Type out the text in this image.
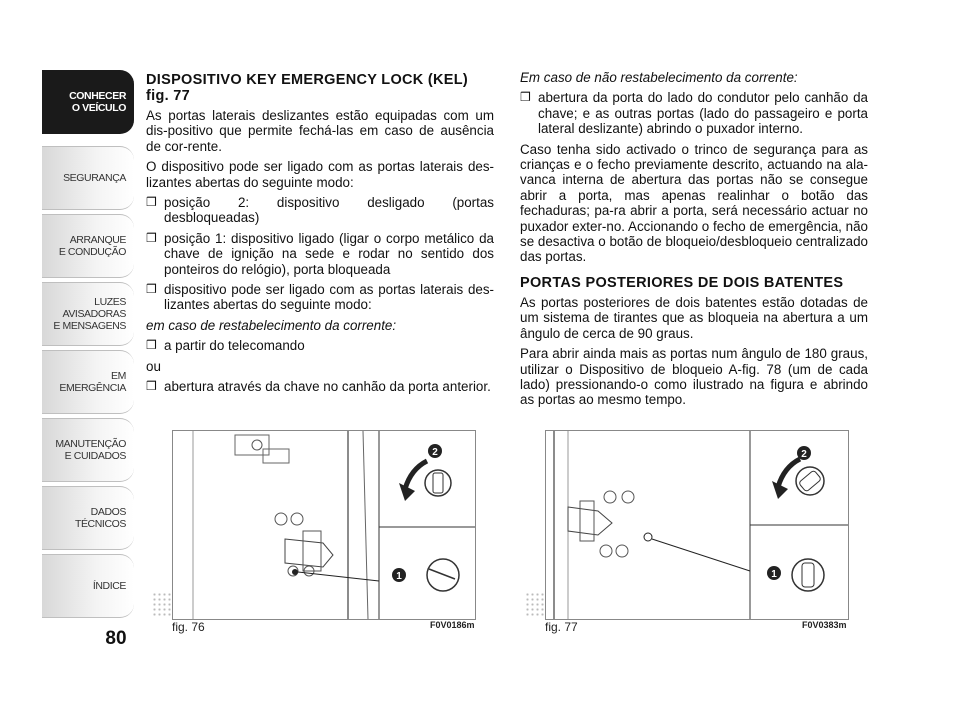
CONHECER
O VEÍCULO
SEGURANÇA
ARRANQUE
E CONDUÇÃO
LUZES AVISADORAS
E MENSAGENS
EM EMERGÊNCIA
MANUTENÇÃO
E CUIDADOS
DADOS TÉCNICOS
ÍNDICE
80
DISPOSITIVO KEY EMERGENCY LOCK (KEL) fig. 77

As portas laterais deslizantes estão equipadas com um dis-positivo que permite fechá-las em caso de ausência de cor-rente.

O dispositivo pode ser ligado com as portas laterais des-lizantes abertas do seguinte modo:

❒ posição 2: dispositivo desligado (portas desbloqueadas)
❒ posição 1: dispositivo ligado (ligar o corpo metálico da chave de ignição na sede e rodar no sentido dos ponteiros do relógio), porta bloqueada
❒ dispositivo pode ser ligado com as portas laterais des-lizantes abertas do seguinte modo:

em caso de restabelecimento da corrente:

❒ a partir do telecomando

ou

❒ abertura através da chave no canhão da porta anterior.

Em caso de não restabelecimento da corrente:

❒ abertura da porta do lado do condutor pelo canhão da chave; e as outras portas (lado do passageiro e porta lateral deslizante) abrindo o puxador interno.

Caso tenha sido activado o trinco de segurança para as crianças e o fecho previamente descrito, actuando na ala-vanca interna de abertura das portas não se consegue abrir a porta, mas apenas realinhar o botão das fechaduras; pa-ra abrir a porta, será necessário actuar no puxador exter-no. Accionando o fecho de emergência, não se desactiva o botão de bloqueio/desbloqueio centralizado das portas.

PORTAS POSTERIORES DE DOIS BATENTES

As portas posteriores de dois batentes estão dotadas de um sistema de tirantes que as bloqueia na abertura a um ângulo de cerca de 90 graus.

Para abrir ainda mais as portas num ângulo de 180 graus, utilizar o Dispositivo de bloqueio A-fig. 78 (um de cada lado) pressionando-o como ilustrado na figura e abrindo as portas ao mesmo tempo.

2
1
fig. 76	F0V0186m
2
1
fig. 77	F0V0383m
